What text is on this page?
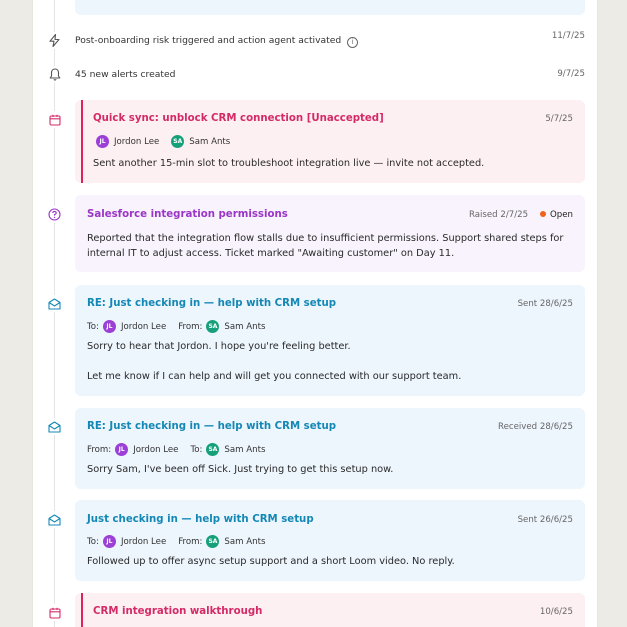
Post-onboarding risk triggered and action agent activated i
11/7/25
45 new alerts created	9/7/25
Quick sync: unblock CRM connection [Unaccepted]	5/7/25
JL Jordon Lee	SA Sam Ants
Sent another 15-min slot to troubleshoot integration live — invite not accepted.
Salesforce integration permissions	Raised 2/7/25	Open
Reported that the integration flow stalls due to insufficient permissions. Support shared steps for internal IT to adjust access. Ticket marked "Awaiting customer" on Day 11.
RE: Just checking in — help with CRM setup	Sent 28/6/25
To:	JL Jordon Lee From:	SA Sam Ants
Sorry to hear that Jordon. I hope you're feeling better.
Let me know if I can help and will get you connected with our support team.
RE: Just checking in — help with CRM setup	Received 28/6/25
From:	JL Jordon Lee To:	SA Sam Ants
Sorry Sam, I've been off Sick. Just trying to get this setup now.
Just checking in — help with CRM setup	Sent 26/6/25
To:	JL Jordon Lee From:	SA Sam Ants
Followed up to offer async setup support and a short Loom video. No reply.
CRM integration walkthrough	10/6/25
